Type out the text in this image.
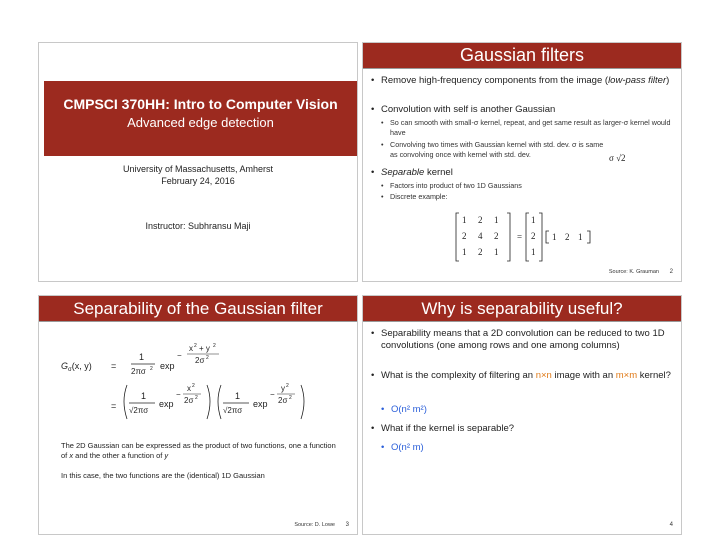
CMPSCI 370HH: Intro to Computer Vision
Advanced edge detection
University of Massachusetts, Amherst
February 24, 2016
Instructor: Subhransu Maji
Gaussian filters
• Remove high-frequency components from the image (low-pass filter)
• Convolution with self is another Gaussian
• So can smooth with small-σ kernel, repeat, and get same result as larger-σ kernel would have
• Convolving two times with Gaussian kernel with std. dev. σ is same as convolving once with kernel with std. dev.	σ √2
• Separable kernel
• Factors into product of two 1D Gaussians
• Discrete example:
1 2 1
2 4 2
1 2 1
=
1
2
1
1 2 1
Source: K. Grauman 2
Separability of the Gaussian filter
$G_\sigma(x$, y) =
1
2πσ 2 exp
−
x 2 + y 2
2σ 2
=
1
√2πσ
exp
−
x 2
2σ 2	1
√2πσ
exp
−
y 2
2σ 2
The 2D Gaussian can be expressed as the product of two functions, one a function of x and the other a function of y
In this case, the two functions are the (identical) 1D Gaussian
Source: D. Lowe 3
Why is separability useful?
• Separability means that a 2D convolution can be reduced to two 1D convolutions (one among rows and one among columns)
• What is the complexity of filtering an n×n image with an m×m kernel?
• O(n² m²)
• What if the kernel is separable?
• O(n² m)
4
